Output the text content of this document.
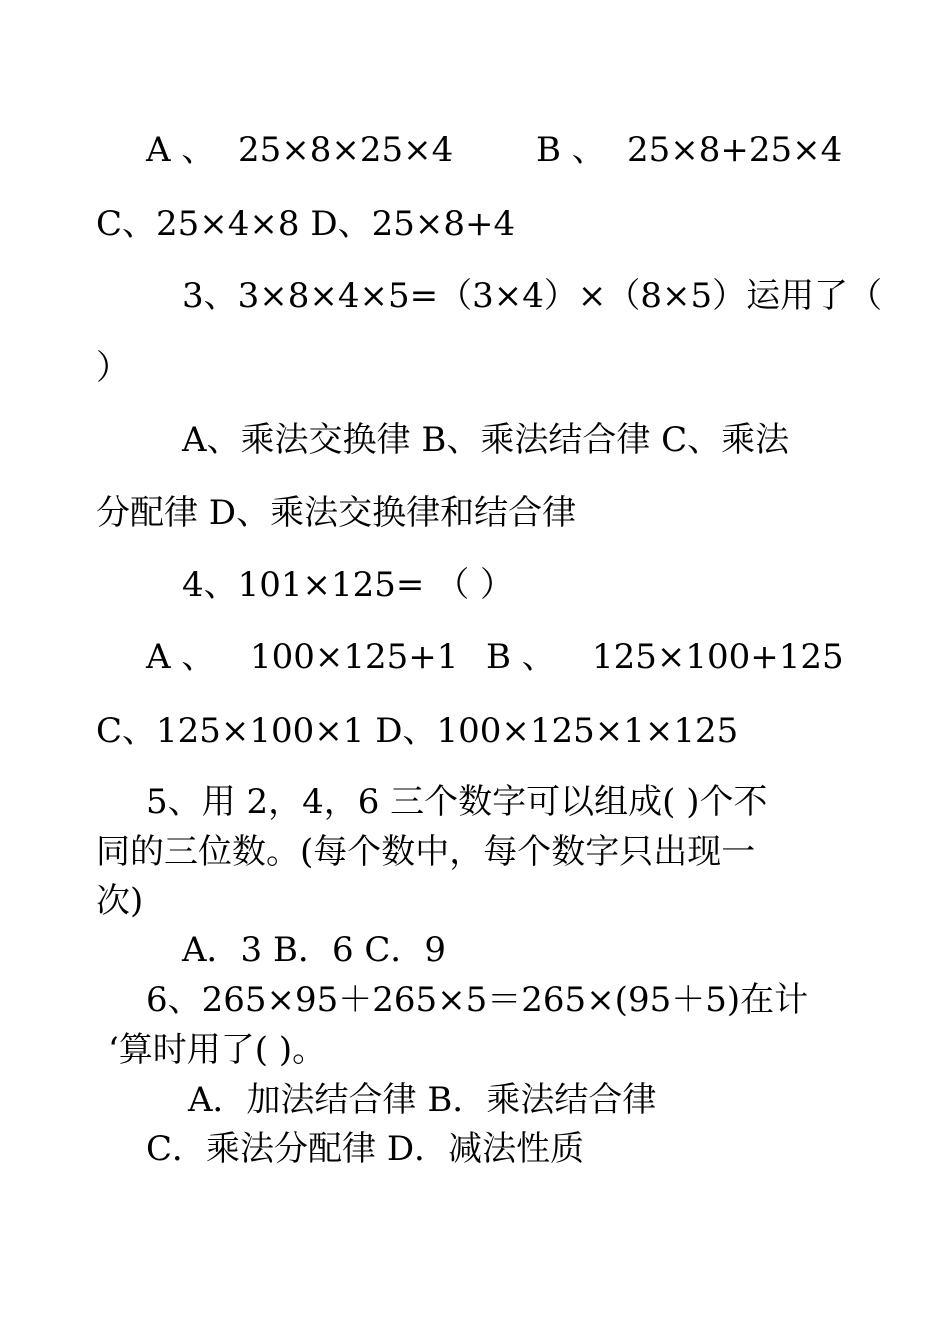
A 、 25×8×25×4 B 、 25×8+25×4
C、25×4×8 D、25×8+4
3、3×8×4×5=（3×4）×（8×5）运用了（
）
A、乘法交换律 B、乘法结合律 C、乘法
分配律 D、乘法交换律和结合律
4、101×125= （ ）
A 、 100×125+1 B 、 125×100+125
C、125×100×1 D、100×125×1×125
5、用 2，4，6 三个数字可以组成( )个不
同的三位数。(每个数中，每个数字只出现一
次)
A．3 B．6 C．9
6、265×95＋265×5＝265×(95＋5)在计
‘算时用了( )。
A．加法结合律 B．乘法结合律
C．乘法分配律 D．减法性质
